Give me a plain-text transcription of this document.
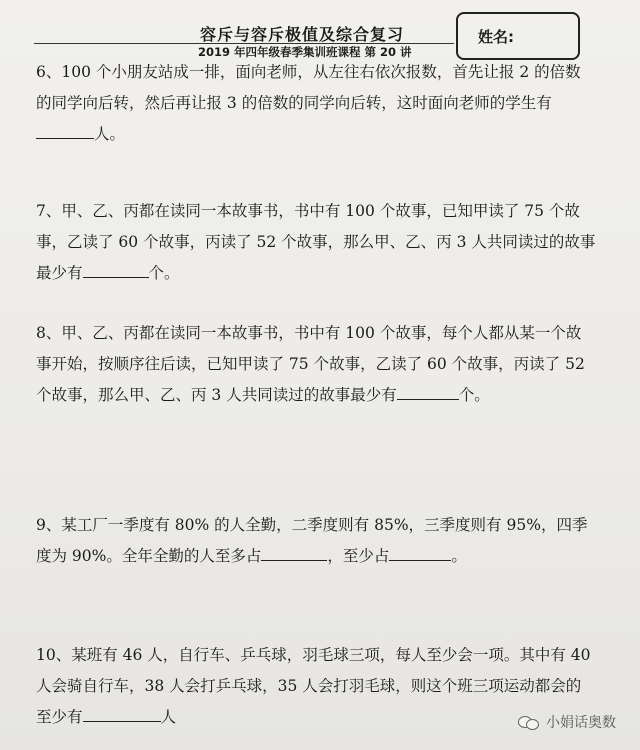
容斥与容斥极值及综合复习
2019 年四年级春季集训班课程 第 20 讲
姓名:
6、100 个小朋友站成一排，面向老师，从左往右依次报数，首先让报 2 的倍数的同学向后转，然后再让报 3 的倍数的同学向后转，这时面向老师的学生有人。
7、甲、乙、丙都在读同一本故事书，书中有 100 个故事，已知甲读了 75 个故事，乙读了 60 个故事，丙读了 52 个故事，那么甲、乙、丙 3 人共同读过的故事最少有	个。
8、甲、乙、丙都在读同一本故事书，书中有 100 个故事，每个人都从某一个故事开始，按顺序往后读，已知甲读了 75 个故事，乙读了 60 个故事，丙读了 52 个故事，那么甲、乙、丙 3 人共同读过的故事最少有	个。
9、某工厂一季度有 80% 的人全勤，二季度则有 85%，三季度则有 95%，四季度为 90%。全年全勤的人至多占	，至少占	。
10、某班有 46 人，自行车、乒乓球，羽毛球三项，每人至少会一项。其中有 40 人会骑自行车，38 人会打乒乓球，35 人会打羽毛球，则这个班三项运动都会的至少有	人	小娟话奥数
